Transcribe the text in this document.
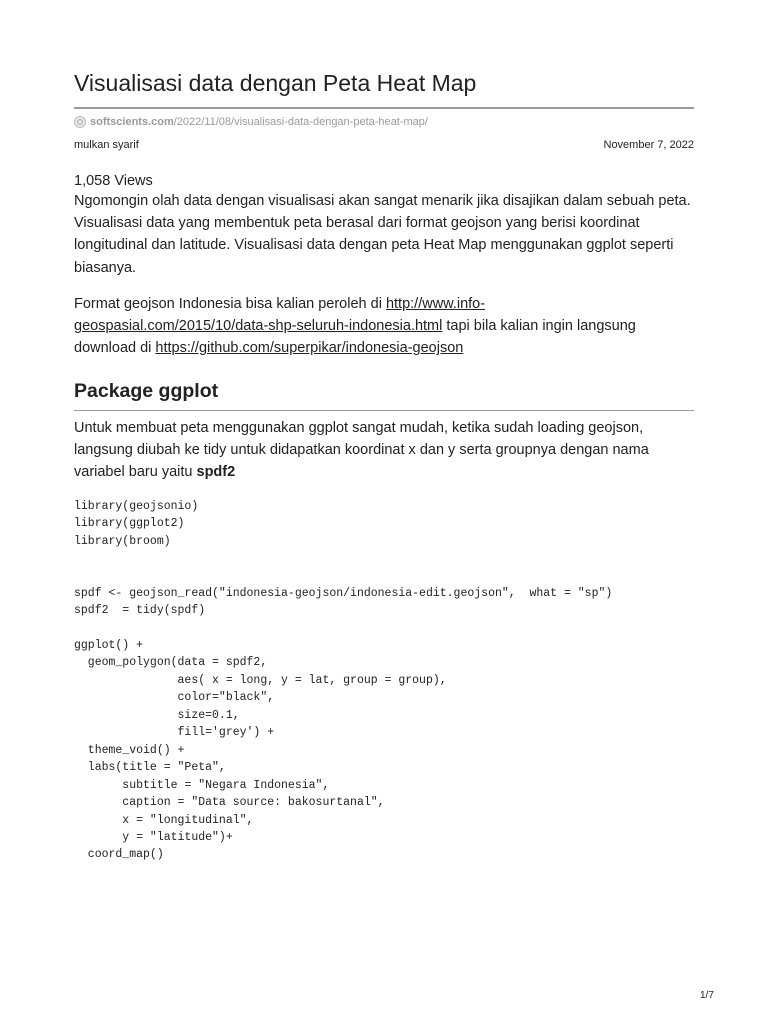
Visualisasi data dengan Peta Heat Map
softscients.com /2022/11/08/visualisasi-data-dengan-peta-heat-map/
mulkan syarif	November 7, 2022

1,058 Views

Ngomongin olah data dengan visualisasi akan sangat menarik jika disajikan dalam sebuah peta. Visualisasi data yang membentuk peta berasal dari format geojson yang berisi koordinat longitudinal dan latitude. Visualisasi data dengan peta Heat Map menggunakan ggplot seperti biasanya.

Format geojson Indonesia bisa kalian peroleh di http://www.info-
geospasial.com/2015/10/data-shp-seluruh-indonesia.html tapi bila kalian ingin langsung download di https://github.com/superpikar/indonesia-geojson

Package ggplot

Untuk membuat peta menggunakan ggplot sangat mudah, ketika sudah loading geojson, langsung diubah ke tidy untuk didapatkan koordinat x dan y serta groupnya dengan nama variabel baru yaitu spdf2

library(geojsonio)
library(ggplot2)
library(broom)
spdf <- geojson_read("indonesia-geojson/indonesia-edit.geojson",  what = "sp")
spdf2  = tidy(spdf)
ggplot() +
geom_polygon(data = spdf2,
aes( x = long, y = lat, group = group),
color="black",
size=0.1,
fill='grey') +
theme_void() +
labs(title = "Peta",
subtitle = "Negara Indonesia",
caption = "Data source: bakosurtanal",
x = "longitudinal",
y = "latitude")+
coord_map()
1/7
